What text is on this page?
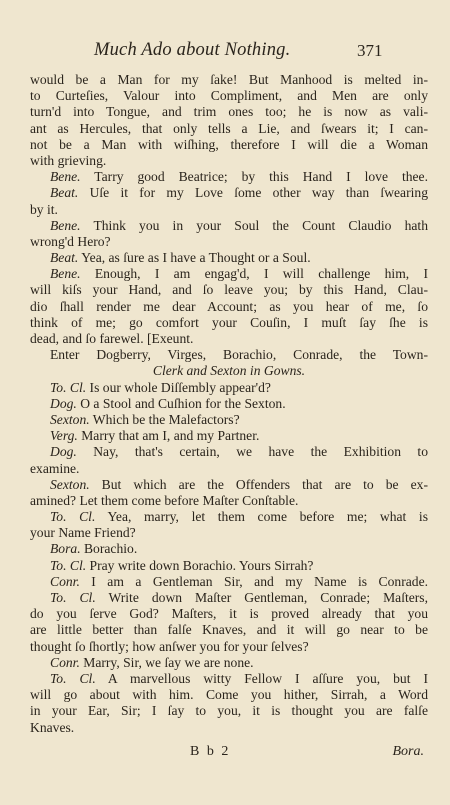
Much Ado about Nothing.	371
would be a Man for my ſake! But Manhood is melted in-
to Curteſies, Valour into Compliment, and Men are only
turn'd into Tongue, and trim ones too; he is now as vali-
ant as Hercules, that only tells a Lie, and ſwears it; I can-
not be a Man with wiſhing, therefore I will die a Woman
with grieving.
Bene. Tarry good Beatrice; by this Hand I love thee.
Beat. Uſe it for my Love ſome other way than ſwearing
by it.
Bene. Think you in your Soul the Count Claudio hath
wrong'd Hero?
Beat. Yea, as ſure as I have a Thought or a Soul.
Bene. Enough, I am engag'd, I will challenge him, I
will kiſs your Hand, and ſo leave you; by this Hand, Clau-
dio ſhall render me dear Account; as you hear of me, ſo
think of me; go comfort your Couſin, I muſt ſay ſhe is
dead, and ſo farewel. [Exeunt.
Enter Dogberry, Virges, Borachio, Conrade, the Town-
Clerk and Sexton in Gowns.
To. Cl. Is our whole Diſſembly appear'd?
Dog. O a Stool and Cuſhion for the Sexton.
Sexton. Which be the Malefactors?
Verg. Marry that am I, and my Partner.
Dog. Nay, that's certain, we have the Exhibition to
examine.
Sexton. But which are the Offenders that are to be ex-
amined? Let them come before Maſter Conſtable.
To. Cl. Yea, marry, let them come before me; what is
your Name Friend?
Bora. Borachio.
To. Cl. Pray write down Borachio. Yours Sirrah?
Conr. I am a Gentleman Sir, and my Name is Conrade.
To. Cl. Write down Maſter Gentleman, Conrade; Maſters,
do you ſerve God? Maſters, it is proved already that you
are little better than falſe Knaves, and it will go near to be
thought ſo ſhortly; how anſwer you for your ſelves?
Conr. Marry, Sir, we ſay we are none.
To. Cl. A marvellous witty Fellow I aſſure you, but I
will go about with him. Come you hither, Sirrah, a Word
in your Ear, Sir; I ſay to you, it is thought you are falſe
Knaves.
B b 2	Bora.
